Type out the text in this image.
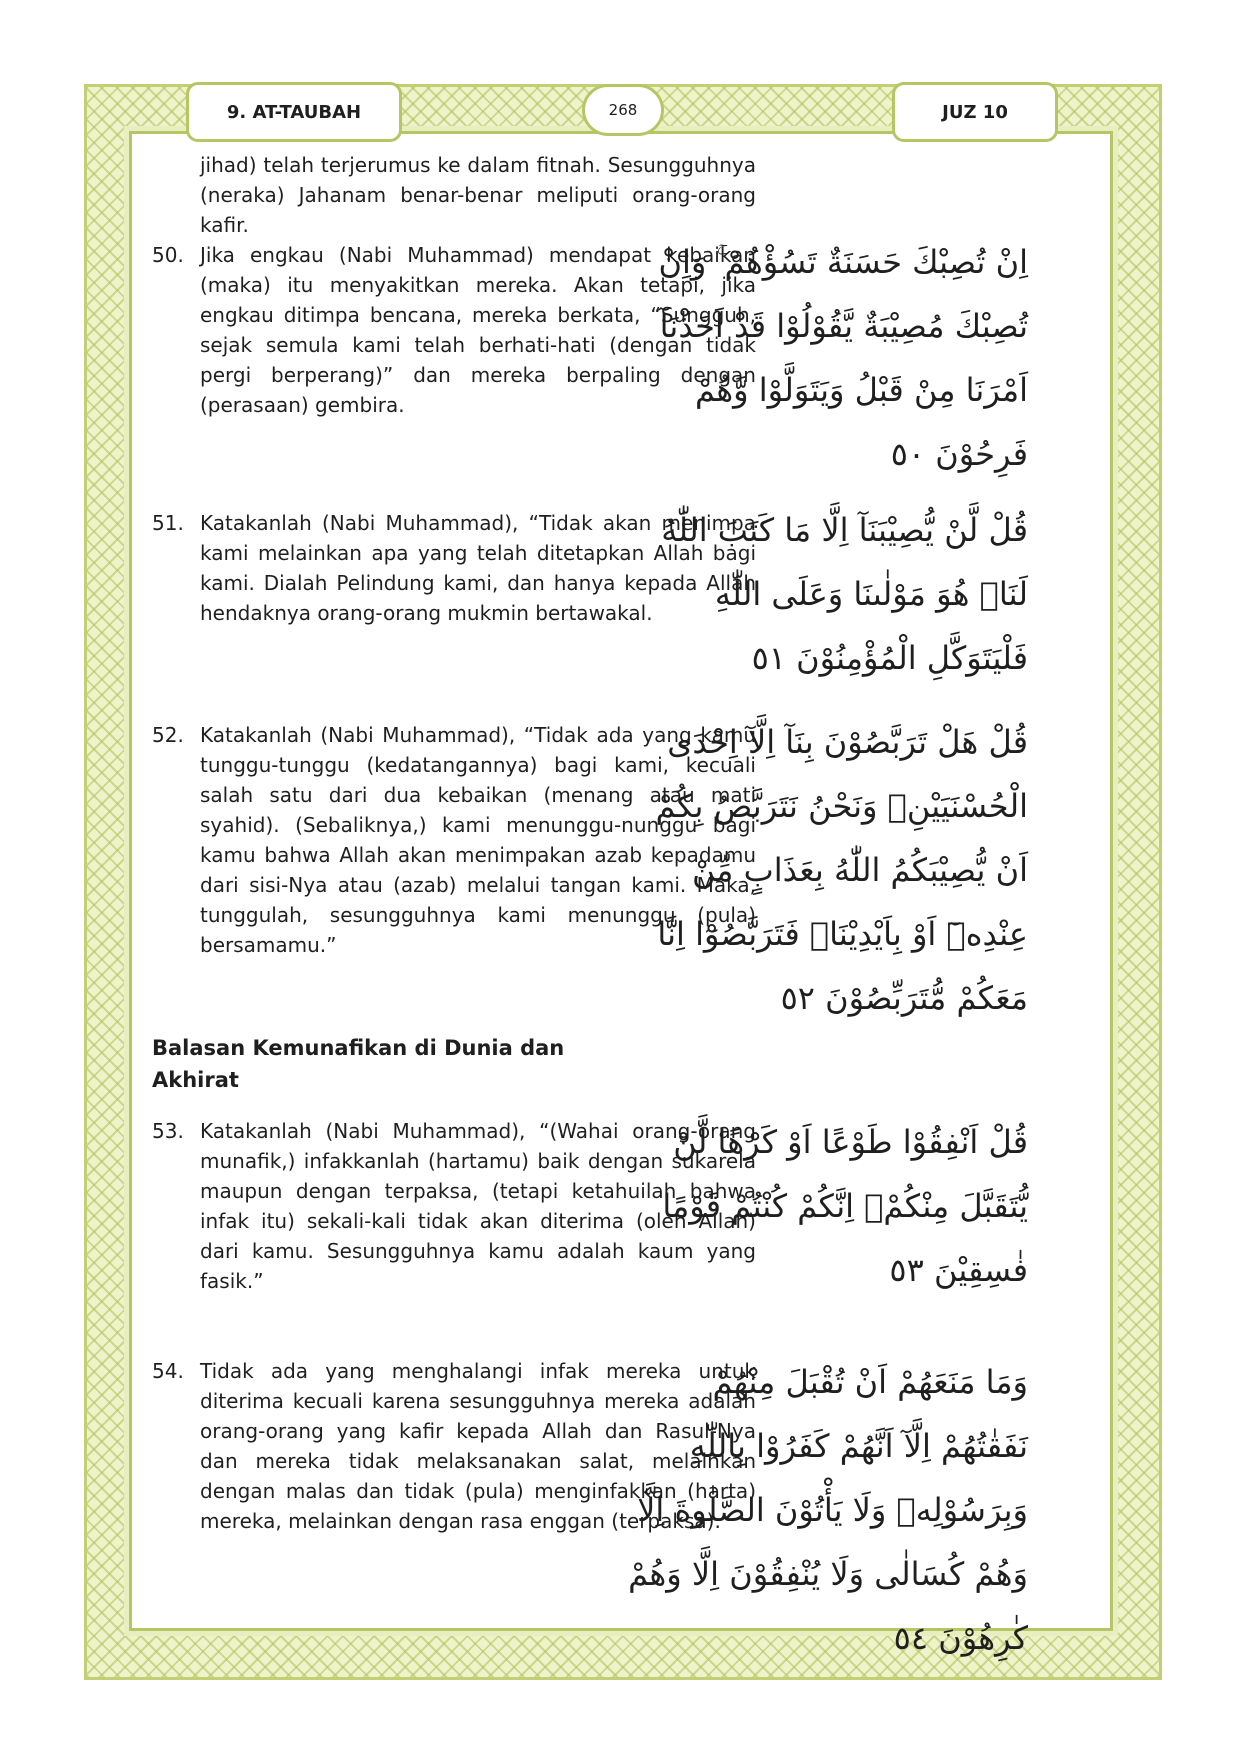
9. AT-TAUBAH	268	JUZ 10
jihad) telah terjerumus ke dalam fitnah. Sesungguhnya (neraka) Jahanam benar-benar meliputi orang-orang kafir.
50. Jika engkau (Nabi Muhammad) mendapat kebaikan (maka) itu menyakitkan mereka. Akan tetapi, jika engkau ditimpa bencana, mereka berkata, “Sungguh, sejak semula kami telah berhati-hati (dengan tidak pergi berperang)” dan mereka berpaling dengan (perasaan) gembira.
اِنْ تُصِبْكَ حَسَنَةٌ تَسُؤْهُمْ ۚ وَاِنْ تُصِبْكَ مُصِيْبَةٌ يَّقُوْلُوْا قَدْ اَخَذْنَآ اَمْرَنَا مِنْ قَبْلُ وَيَتَوَلَّوْا وَّهُمْ فَرِحُوْنَ ٥٠
51. Katakanlah (Nabi Muhammad), “Tidak akan menimpa kami melainkan apa yang telah ditetapkan Allah bagi kami. Dialah Pelindung kami, dan hanya kepada Allah hendaknya orang-orang mukmin bertawakal.
قُلْ لَّنْ يُّصِيْبَنَآ اِلَّا مَا كَتَبَ اللّٰهُ لَنَاۚ هُوَ مَوْلٰىنَا وَعَلَى اللّٰهِ فَلْيَتَوَكَّلِ الْمُؤْمِنُوْنَ ٥١
52. Katakanlah (Nabi Muhammad), “Tidak ada yang kamu tunggu-tunggu (kedatangannya) bagi kami, kecuali salah satu dari dua kebaikan (menang atau mati syahid). (Sebaliknya,) kami menunggu-nunggu bagi kamu bahwa Allah akan menimpakan azab kepadamu dari sisi-Nya atau (azab) melalui tangan kami. Maka, tunggulah, sesungguhnya kami menunggu (pula) bersamamu.”
قُلْ هَلْ تَرَبَّصُوْنَ بِنَآ اِلَّآ اِحْدَى الْحُسْنَيَيْنِۗ وَنَحْنُ نَتَرَبَّصُ بِكُمْ اَنْ يُّصِيْبَكُمُ اللّٰهُ بِعَذَابٍ مِّنْ عِنْدِهٖٓ اَوْ بِاَيْدِيْنَاۖ فَتَرَبَّصُوْٓا اِنَّا مَعَكُمْ مُّتَرَبِّصُوْنَ ٥٢
Balasan Kemunafikan di Dunia dan Akhirat
53. Katakanlah (Nabi Muhammad), “(Wahai orang-orang munafik,) infakkanlah (hartamu) baik dengan sukarela maupun dengan terpaksa, (tetapi ketahuilah bahwa infak itu) sekali-kali tidak akan diterima (oleh Allah) dari kamu. Sesungguhnya kamu adalah kaum yang fasik.”
قُلْ اَنْفِقُوْا طَوْعًا اَوْ كَرْهًا لَّنْ يُّتَقَبَّلَ مِنْكُمْۗ اِنَّكُمْ كُنْتُمْ قَوْمًا فٰسِقِيْنَ ٥٣
54. Tidak ada yang menghalangi infak mereka untuk diterima kecuali karena sesungguhnya mereka adalah orang-orang yang kafir kepada Allah dan Rasul-Nya dan mereka tidak melaksanakan salat, melainkan dengan malas dan tidak (pula) menginfakkan (harta) mereka, melainkan dengan rasa enggan (terpaksa).
وَمَا مَنَعَهُمْ اَنْ تُقْبَلَ مِنْهُمْ نَفَقٰتُهُمْ اِلَّآ اَنَّهُمْ كَفَرُوْا بِاللّٰهِ وَبِرَسُوْلِهٖ وَلَا يَأْتُوْنَ الصَّلٰوةَ اِلَّا وَهُمْ كُسَالٰى وَلَا يُنْفِقُوْنَ اِلَّا وَهُمْ كٰرِهُوْنَ ٥٤
